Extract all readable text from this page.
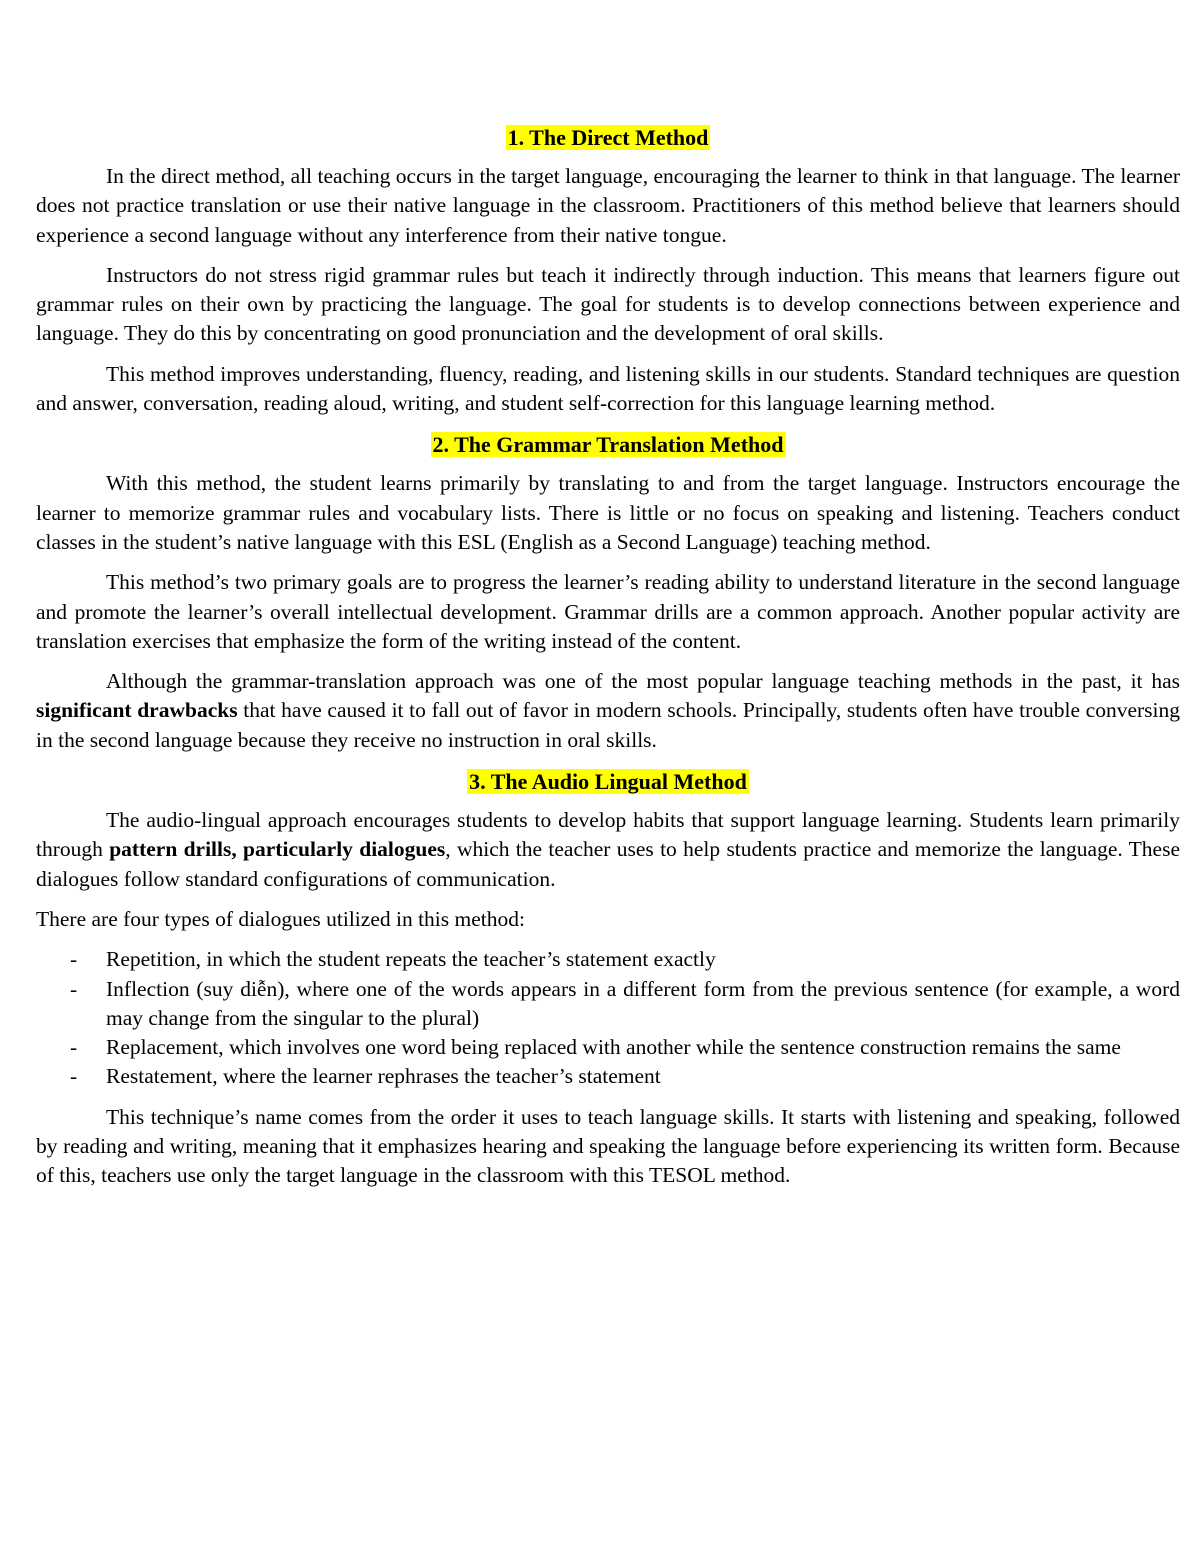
1. The Direct Method

In the direct method, all teaching occurs in the target language, encouraging the learner to think in that language. The learner does not practice translation or use their native language in the classroom. Practitioners of this method believe that learners should experience a second language without any interference from their native tongue.

Instructors do not stress rigid grammar rules but teach it indirectly through induction. This means that learners figure out grammar rules on their own by practicing the language. The goal for students is to develop connections between experience and language. They do this by concentrating on good pronunciation and the development of oral skills.

This method improves understanding, fluency, reading, and listening skills in our students. Standard techniques are question and answer, conversation, reading aloud, writing, and student self-correction for this language learning method.

2. The Grammar Translation Method

With this method, the student learns primarily by translating to and from the target language. Instructors encourage the learner to memorize grammar rules and vocabulary lists. There is little or no focus on speaking and listening. Teachers conduct classes in the student’s native language with this ESL (English as a Second Language) teaching method.

This method’s two primary goals are to progress the learner’s reading ability to understand literature in the second language and promote the learner’s overall intellectual development. Grammar drills are a common approach. Another popular activity are translation exercises that emphasize the form of the writing instead of the content.

Although the grammar-translation approach was one of the most popular language teaching methods in the past, it has significant drawbacks that have caused it to fall out of favor in modern schools. Principally, students often have trouble conversing in the second language because they receive no instruction in oral skills.

3. The Audio Lingual Method

The audio-lingual approach encourages students to develop habits that support language learning. Students learn primarily through pattern drills, particularly dialogues, which the teacher uses to help students practice and memorize the language. These dialogues follow standard configurations of communication.

There are four types of dialogues utilized in this method:

- Repetition, in which the student repeats the teacher’s statement exactly
- Inflection (suy diễn), where one of the words appears in a different form from the previous sentence (for example, a word may change from the singular to the plural)
- Replacement, which involves one word being replaced with another while the sentence construction remains the same
- Restatement, where the learner rephrases the teacher’s statement

This technique’s name comes from the order it uses to teach language skills. It starts with listening and speaking, followed by reading and writing, meaning that it emphasizes hearing and speaking the language before experiencing its written form. Because of this, teachers use only the target language in the classroom with this TESOL method.
